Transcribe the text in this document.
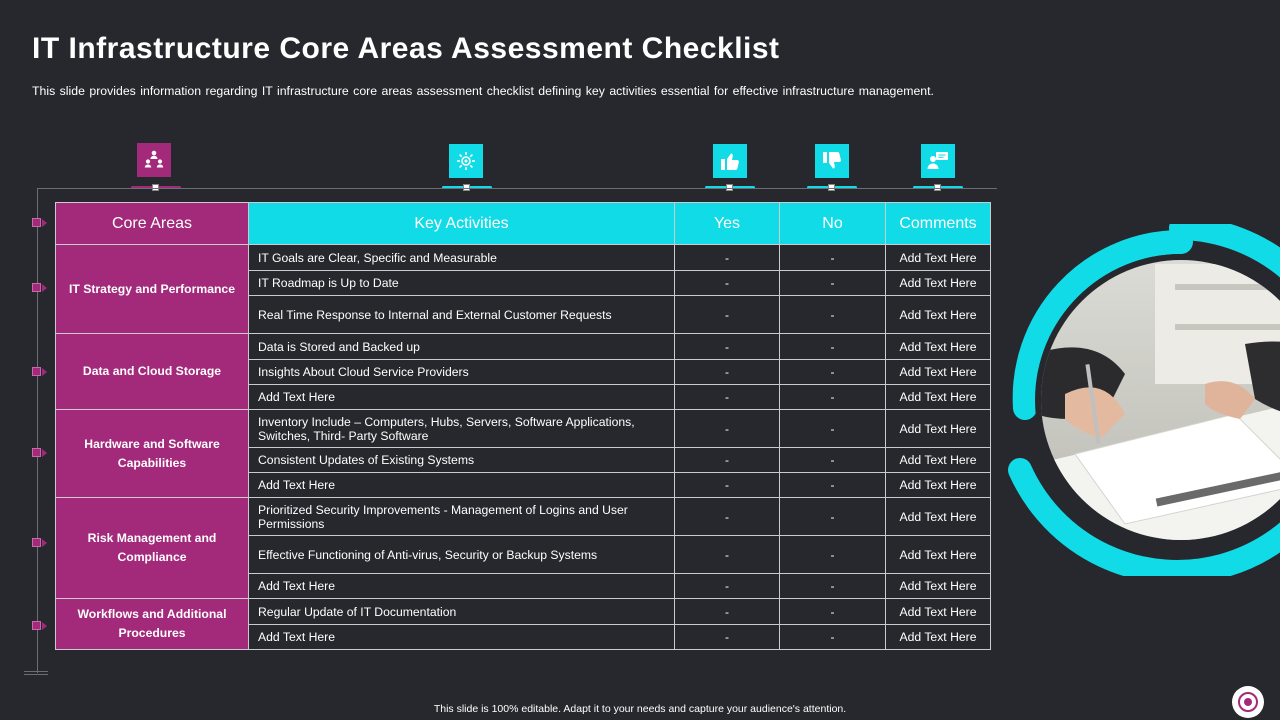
IT Infrastructure Core Areas Assessment Checklist
This slide provides information regarding IT infrastructure core areas assessment checklist defining key activities essential for effective infrastructure management.
Core Areas	Key Activities	Yes	No	Comments
IT Strategy and Performance	IT Goals are Clear, Specific and Measurable	-	-	Add Text Here
	IT Roadmap is Up to Date	-	-	Add Text Here
	Real Time Response to Internal and External Customer Requests	-	-	Add Text Here
Data and Cloud Storage	Data is Stored and Backed up	-	-	Add Text Here
	Insights About Cloud Service Providers	-	-	Add Text Here
	Add Text Here	-	-	Add Text Here
Hardware and Software Capabilities	Inventory Include – Computers, Hubs, Servers, Software Applications, Switches, Third- Party Software	-	-	Add Text Here
	Consistent Updates of Existing Systems	-	-	Add Text Here
	Add Text Here	-	-	Add Text Here
Risk Management and Compliance	Prioritized Security Improvements - Management of Logins and User Permissions	-	-	Add Text Here
	Effective Functioning of Anti-virus, Security or Backup Systems	-	-	Add Text Here
	Add Text Here	-	-	Add Text Here
Workflows and Additional Procedures	Regular Update of IT Documentation	-	-	Add Text Here
	Add Text Here	-	-	Add Text Here
This slide is 100% editable. Adapt it to your needs and capture your audience's attention.
